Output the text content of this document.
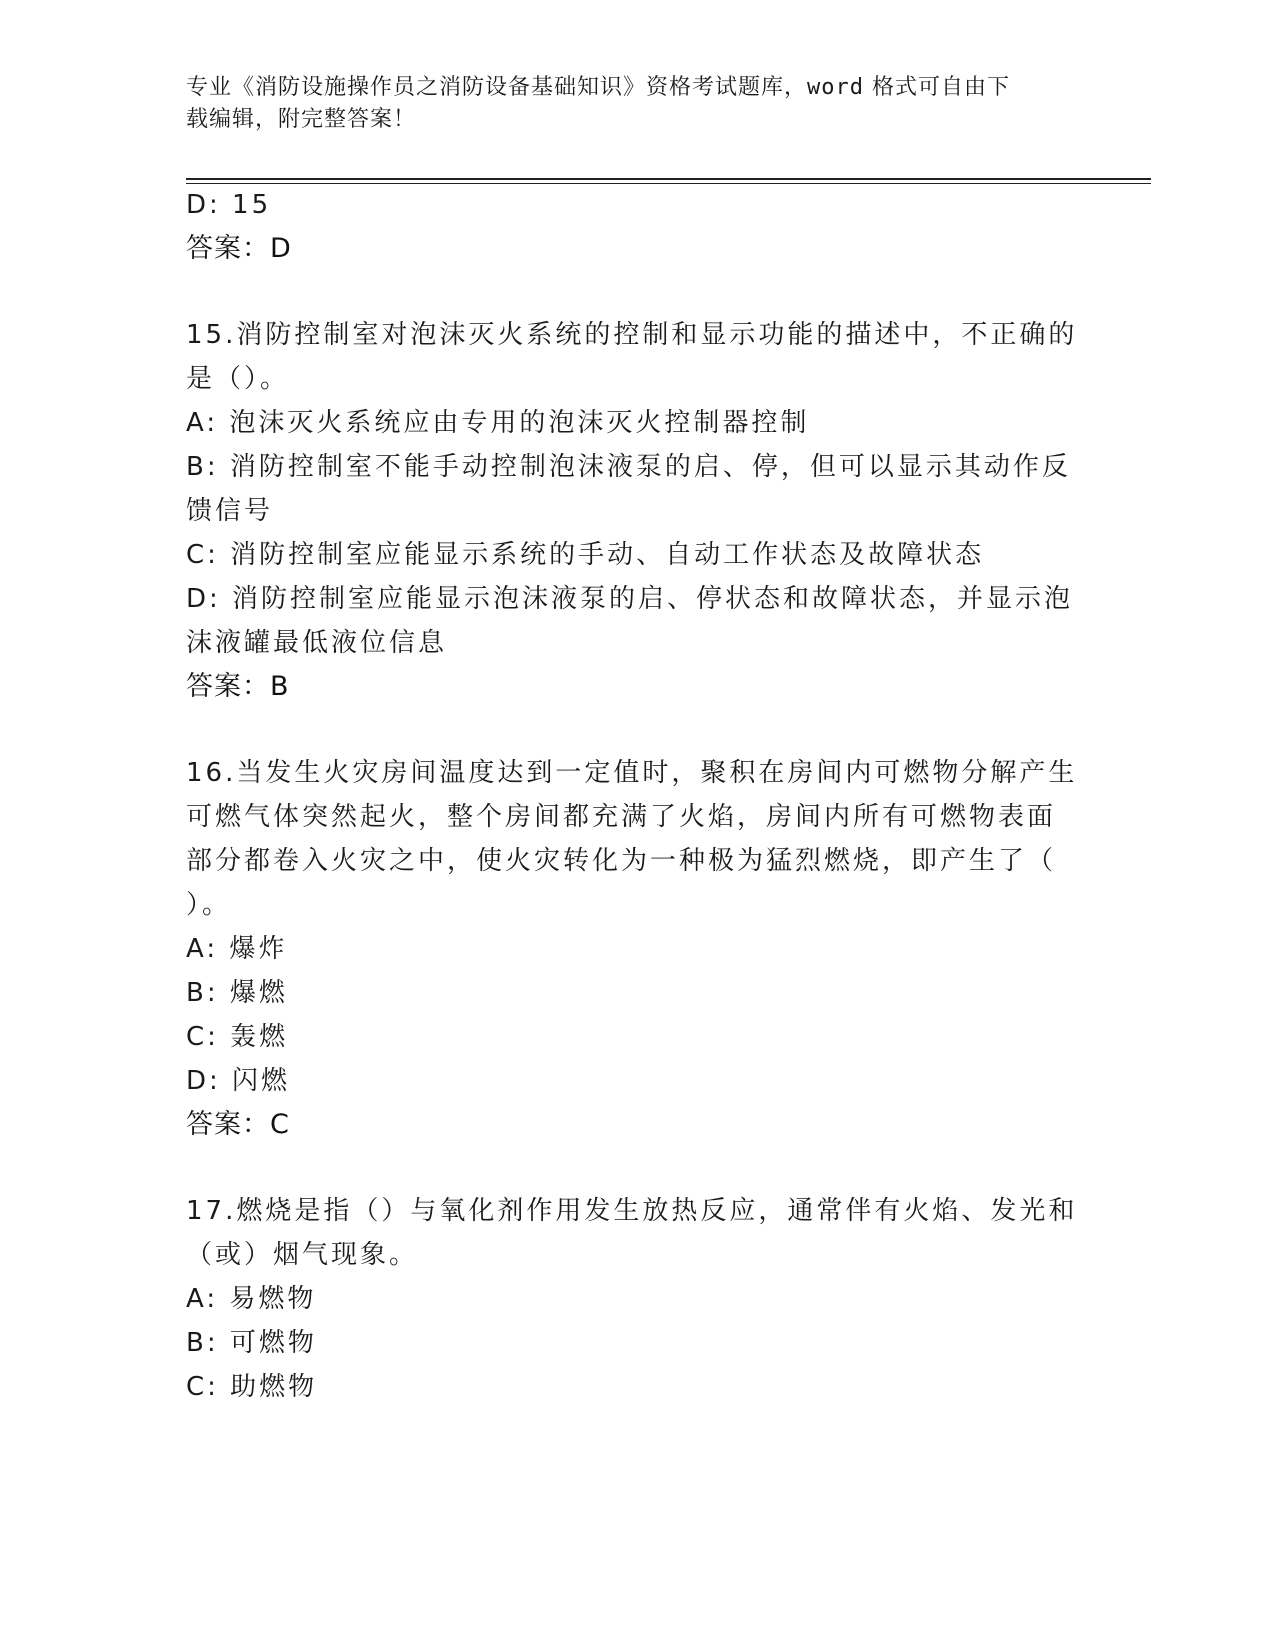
专业《消防设施操作员之消防设备基础知识》资格考试题库，word 格式可自由下
载编辑，附完整答案！
D: 15
答案：D
15.消防控制室对泡沫灭火系统的控制和显示功能的描述中，不正确的
是（）。
A: 泡沫灭火系统应由专用的泡沫灭火控制器控制
B: 消防控制室不能手动控制泡沫液泵的启、停，但可以显示其动作反
馈信号
C: 消防控制室应能显示系统的手动、自动工作状态及故障状态
D: 消防控制室应能显示泡沫液泵的启、停状态和故障状态，并显示泡
沫液罐最低液位信息
答案：B
16.当发生火灾房间温度达到一定值时，聚积在房间内可燃物分解产生
可燃气体突然起火，整个房间都充满了火焰，房间内所有可燃物表面
部分都卷入火灾之中，使火灾转化为一种极为猛烈燃烧，即产生了（
）。
A: 爆炸
B: 爆燃
C: 轰燃
D: 闪燃
答案：C
17.燃烧是指（）与氧化剂作用发生放热反应，通常伴有火焰、发光和
（或）烟气现象。
A: 易燃物
B: 可燃物
C: 助燃物
